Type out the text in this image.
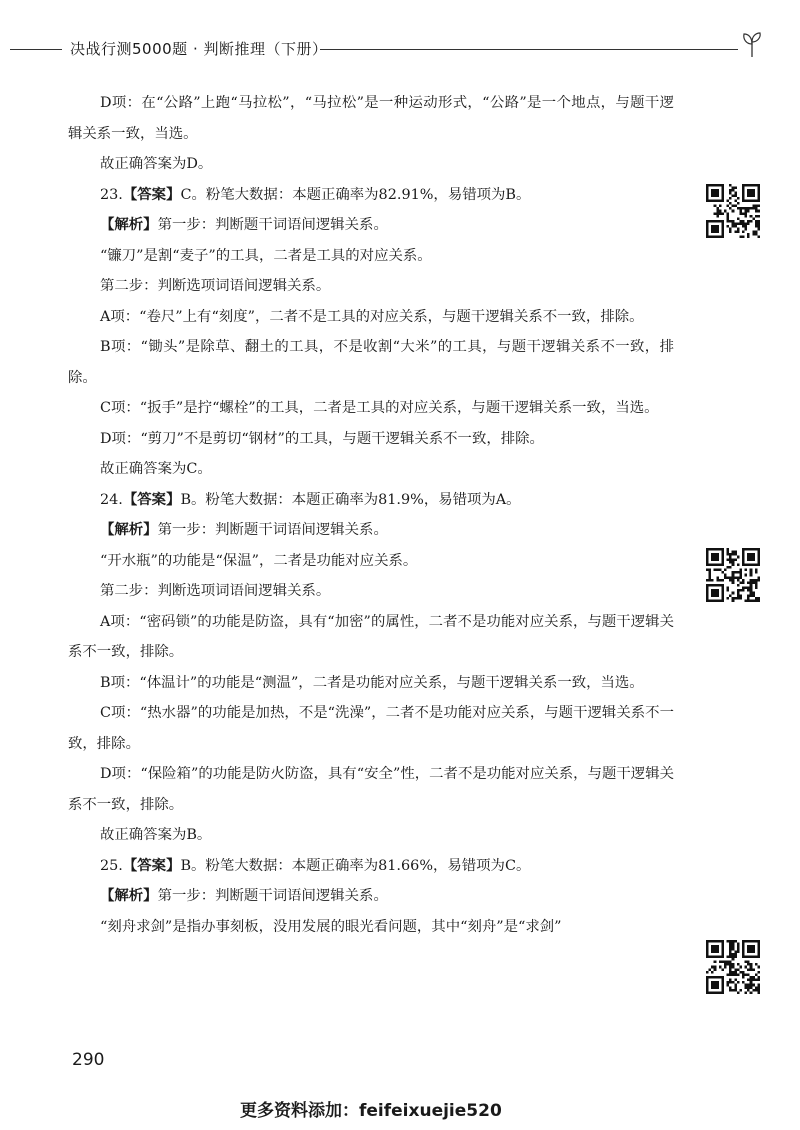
决战行测5000题 · 判断推理（下册）

D项：在“公路”上跑“马拉松”，“马拉松”是一种运动形式，“公路”是一个地点，与题干逻辑关系一致，当选。

故正确答案为D。

23.【答案】C。粉笔大数据：本题正确率为82.91%，易错项为B。

【解析】第一步：判断题干词语间逻辑关系。

“镰刀”是割“麦子”的工具，二者是工具的对应关系。

第二步：判断选项词语间逻辑关系。

A项：“卷尺”上有“刻度”，二者不是工具的对应关系，与题干逻辑关系不一致，排除。

B项：“锄头”是除草、翻土的工具，不是收割“大米”的工具，与题干逻辑关系不一致，排除。

C项：“扳手”是拧“螺栓”的工具，二者是工具的对应关系，与题干逻辑关系一致，当选。

D项：“剪刀”不是剪切“钢材”的工具，与题干逻辑关系不一致，排除。

故正确答案为C。

24.【答案】B。粉笔大数据：本题正确率为81.9%，易错项为A。

【解析】第一步：判断题干词语间逻辑关系。

“开水瓶”的功能是“保温”，二者是功能对应关系。

第二步：判断选项词语间逻辑关系。

A项：“密码锁”的功能是防盗，具有“加密”的属性，二者不是功能对应关系，与题干逻辑关系不一致，排除。

B项：“体温计”的功能是“测温”，二者是功能对应关系，与题干逻辑关系一致，当选。

C项：“热水器”的功能是加热，不是“洗澡”，二者不是功能对应关系，与题干逻辑关系不一致，排除。

D项：“保险箱”的功能是防火防盗，具有“安全”性，二者不是功能对应关系，与题干逻辑关系不一致，排除。

故正确答案为B。

25.【答案】B。粉笔大数据：本题正确率为81.66%，易错项为C。

【解析】第一步：判断题干词语间逻辑关系。

“刻舟求剑”是指办事刻板，没用发展的眼光看问题，其中“刻舟”是“求剑”

290
更多资料添加：feifeixuejie520
